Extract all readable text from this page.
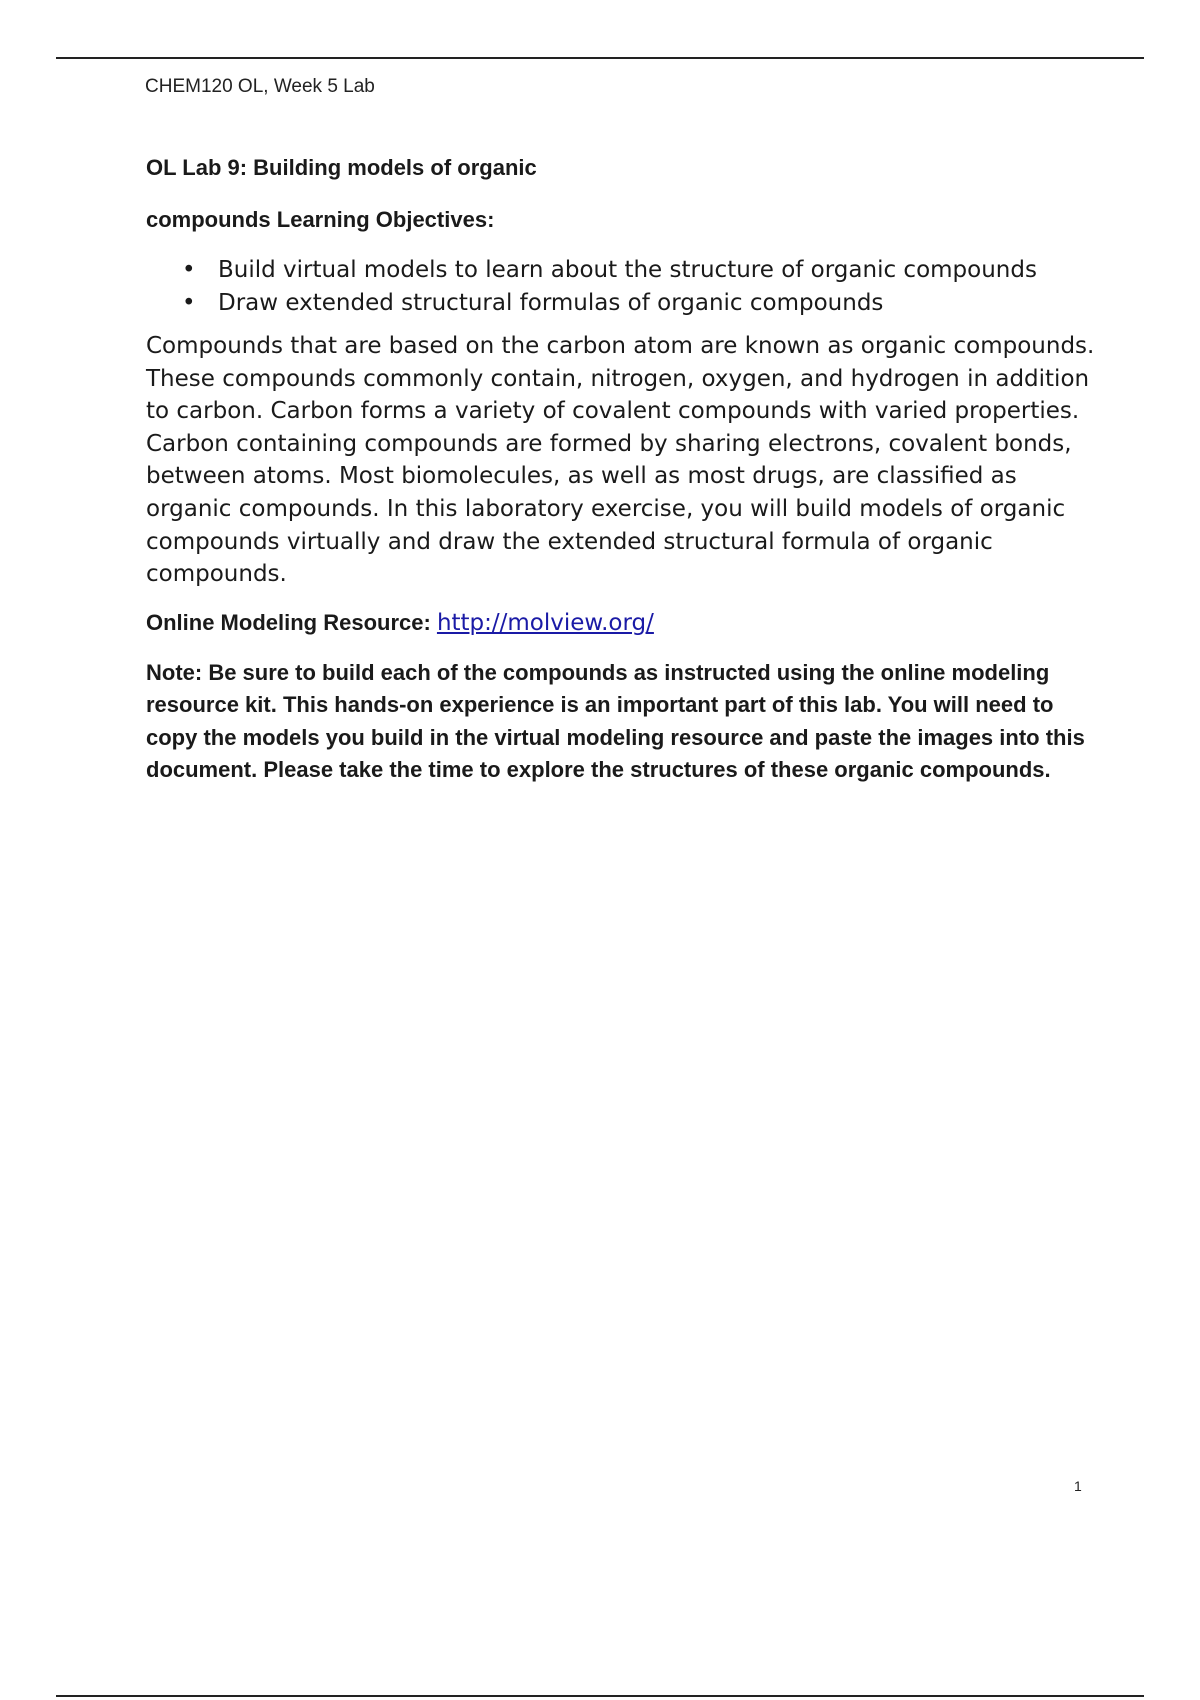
CHEM120 OL, Week 5 Lab
OL Lab 9: Building models of organic
compounds Learning Objectives:
• Build virtual models to learn about the structure of organic compounds
• Draw extended structural formulas of organic compounds

Compounds that are based on the carbon atom are known as organic compounds. These compounds commonly contain, nitrogen, oxygen, and hydrogen in addition to carbon. Carbon forms a variety of covalent compounds with varied properties. Carbon containing compounds are formed by sharing electrons, covalent bonds, between atoms. Most biomolecules, as well as most drugs, are classified as organic compounds. In this laboratory exercise, you will build models of organic compounds virtually and draw the extended structural formula of organic compounds.

Online Modeling Resource: http://molview.org/

Note: Be sure to build each of the compounds as instructed using the online modeling resource kit. This hands-on experience is an important part of this lab. You will need to copy the models you build in the virtual modeling resource and paste the images into this document. Please take the time to explore the structures of these organic compounds.

1
